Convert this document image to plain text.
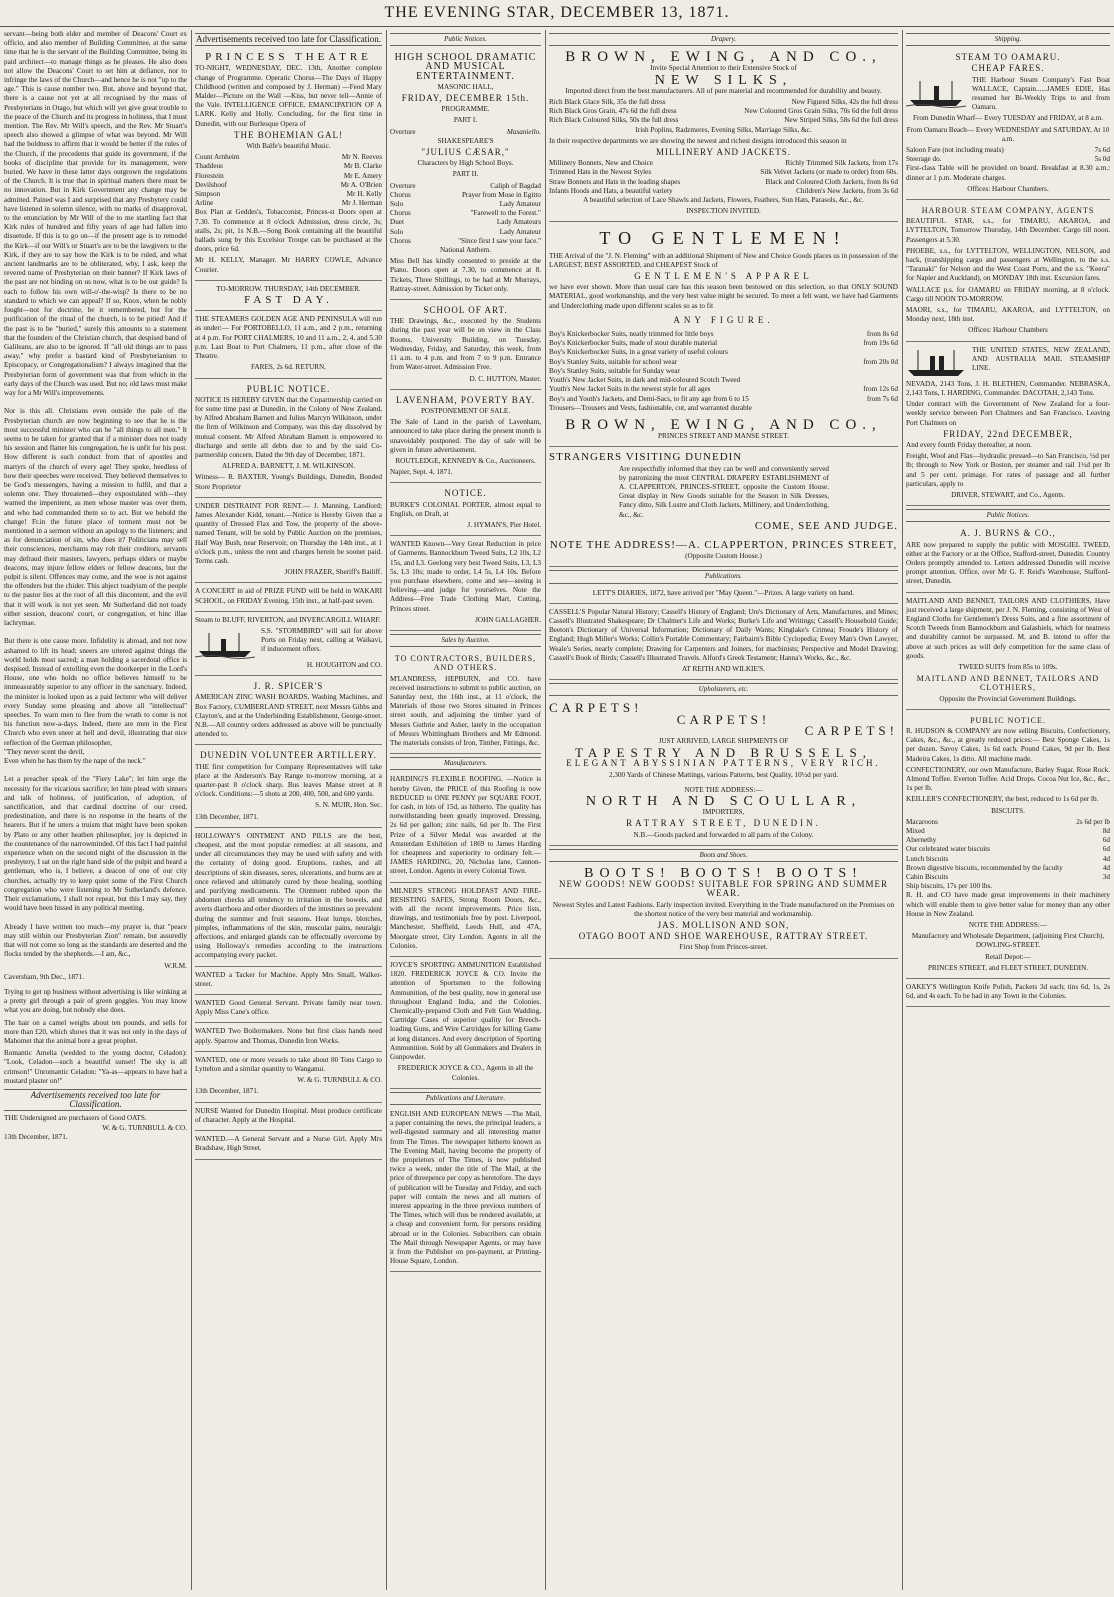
THE EVENING STAR, DECEMBER 13, 1871.

servant—being both elder and member of Deacons' Court ex officio, and also member of Building Committee, at the same time that he is the servant of the Building Committee, being its paid architect—to manage things as he pleases. He also does not allow the Deacons' Court to set him at defiance, nor to infringe the laws of the Church—and hence he is not "up to the age." This is cause number two. But, above and beyond that, there is a cause not yet at all recognised by the mass of Presbyterians in Otago, but which will yet give great trouble to the peace of the Church and its progress in holiness, that I must mention. The Rev. Mr Will's speech, and the Rev. Mr Stuart's speech also showed a glimpse of what was beyond. Mr Will had the boldness to affirm that it would be better if the rules of the Church, if the precedents that guide its government, if the books of discipline that provide for its management, were buried. We have in these latter days outgrown the regulations of the Church. It is true that in spiritual matters there must be no innovation. But in Kirk Government any change may be admitted. Pained was I and surprised that any Presbytery could have listened in solemn silence, with no marks of disapproval, to the enunciation by Mr Will of the to me startling fact that Kirk rules of hundred and fifty years of age had fallen into disuetude. If this is to go on—if the present age is to remodel the Kirk—if our Will's or Stuart's are to be the lawgivers to the Kirk, if they are to say how the Kirk is to be ruled, and what ancient landmarks are to be obliterated, why, I ask, keep the revered name of Presbyterian on their banner? If Kirk laws of the past are not binding on us now, what is to be our guide? Is each to follow his own will-o'-the-wisp? Is there to be no standard to which we can appeal? If so, Knox, when he nobly fought—not for doctrine, be it remembered, but for the purification of the ritual of the church, is to be pitied! And if the past is to be "buried," surely this amounts to a statement that the founders of the Christian church, that despised band of Galileans, are also to be ignored. If "all old things are to pass away," why prefer a bastard kind of Presbyterianism to Episcopacy, or Congregationalism? I always imagined that the Presbyterian form of government was that from which in the early days of the Church was used. But no; old laws must make way for a Mr Will's improvements.

Nor is this all. Christians even outside the pale of the Presbyterian church are now beginning to see that he is the most successful minister who can be "all things to all men." It seems to be taken for granted that if a minister does not toady his session and flatter his congregation, he is unfit for his post. How different is such conduct from that of apostles and martyrs of the church of every age! They spoke, heedless of how their speeches were received. They believed themselves to be God's messengers, having a mission to fulfil, and that a solemn one. They threatened—they expostulated with—they warned the impenitent, as men whose master was over them, and who had commanded them so to act. But we behold the change! Fr.in the future place of torment must not be mentioned in a sermon without an apology to the listeners; and as for denunciation of sin, who does it? Politicians may sell their consciences, merchants may rob their creditors, servants may defraud their masters, lawyers, perhaps elders or maybe deacons, may injure fellow elders or fellow deacons, but the pulpit is silent. Offences may come, and the woe is not against the offenders but the chider. This abject toadyism of the people to the pastor lies at the root of all this discontent, and the evil that it will work is not yet seen. Mr Sutherland did not toady either session, deacons' court, or congregation, et hinc illae lachrymae.

But there is one cause more. Infidelity is abroad, and not now ashamed to lift its head; sneers are uttered against things the world holds most sacred; a man holding a sacerdotal office is despised. Instead of extolling even the doorkeeper in the Lord's House, one who holds no office believes himself to be immeasurably superior to any officer in the sanctuary. Indeed, the minister is looked upon as a paid lecturer who will deliver every Sunday some pleasing and above all "intellectual" speeches. To warn men to flee from the wrath to come is not his function now-a-days. Indeed, there are men in the First Church who even sneer at hell and devil, illustrating that nice reflection of the German philosopher,
"They never scent the devil,
Even when he has them by the nape of the neck."

Let a preacher speak of the "Fiery Lake"; let him urge the necessity for the vicarious sacrifice; let him plead with sinners and talk of holiness, of justification, of adoption, of sanctification, and that cardinal doctrine of our creed, predestination, and there is no response in the hearts of the hearers. But if he utters a truism that might have been spoken by Plato or any other heathen philosopher, joy is depicted in the countenance of the narrowminded. Of this fact I had painful experience when on the second night of the discussion in the presbytery, I sat on the right hand side of the pulpit and heard a gentleman, who is, I believe, a deacon of one of our city churches, actually try to keep quiet some of the First Church congregation who were listening to Mr Sutherland's defence. Their exclamations, I shall not repeat, but this I may say, they would have been hissed in any political meeting.

Already I have written too much—my prayer is, that "peace may still within our Presbyterian Zion" remain, but assuredly that will not come so long as the standards are deserted and the flocks tended by the shepherds.—I am, &c.,

W.R.M.

Caversham, 9th Dec., 1871.

Trying to get up business without advertising is like winking at a pretty girl through a pair of green goggles. You may know what you are doing, but nobody else does.

The hair on a camel weighs about ten pounds, and sells for more than £20, which shows that it was not only in the days of Mahomet that the animal bore a great prophet.

Romantic Amelia (wedded to the young doctor, Celadon): "Look, Celadon—such a beautiful sunset! The sky is all crimson!" Unromantic Celadon: "Ya-as—appears to have had a mustard plaster on!"

Advertisements received too late for Classification.

THE Undersigned are purchasers of Good OATS.

W. & G. TURNBULL & CO.

13th December, 1871.

Advertisements received too late for Classification.
PRINCESS THEATRE

TO-NIGHT, WEDNESDAY, DEC. 13th, Another complete change of Programme. Operatic Chorus—The Days of Happy Childhood (written and composed by J. Herman) —Feod Mary Malder—Picture on the Wall —Kiss, but never tell—Annie of the Vale. INTELLIGENCE OFFICE. EMANCIPATION OF A LARK. Kelly and Holly. Concluding, for the first time in Dunedin, with our Burlesque Opera of

THE BOHEMIAN GAL!

With Balfe's beautiful Music.

Count Arnheim	Mr N. Reeves
Thaddeus	Mr B. Clarke
Florestein	Mr E. Amery
Devilshoof	Mr A. O'Brien
Simpson	Mr H. Kelly
Arline	Mr J. Herman

Box Plan at Geddes's, Tobacconist, Princes-st Doors open at 7.30. To commence at 8 o'clock Admission, dress circle, 3s; stalls, 2s; pit, 1s N.B.—Song Book containing all the beautiful ballads sung by this Excelsior Troupe can be purchased at the doors, price 6d.

Mr H. KELLY, Manager. Mr HARRY COWLE, Advance Courier.

TO-MORROW. THURSDAY, 14th DECEMBER.

FAST DAY.

THE STEAMERS GOLDEN AGE AND PENINSULA will run as under:— For PORTOBELLO, 11 a.m., and 2 p.m., returning at 4 p.m. For PORT CHALMERS, 10 and 11 a.m., 2, 4, and 5.30 p.m. Last Boat to Port Chalmers, 11 p.m., after close of the Theatre.

FARES, 2s 6d. RETURN.

PUBLIC NOTICE.

NOTICE IS HEREBY GIVEN that the Copartnership carried on for some time past at Dunedin, in the Colony of New Zealand, by Alfred Abraham Barnett and Julius Marcyn Wilkinson, under the firm of Wilkinson and Company, was this day dissolved by mutual consent. Mr Alfred Abraham Barnett is empowered to discharge and settle all debts due to and by the said Co-partnership concern. Dated the 9th day of December, 1871.

ALFRED A. BARNETT, J. M. WILKINSON.

Witness— R. BAXTER, Young's Buildings, Dunedin, Bonded Store Proprietor

UNDER DISTRAINT FOR RENT.— J. Manning, Landlord; James Alexander Kidd, tenant.—Notice is Hereby Given that a quantity of Dressed Flax and Tow, the property of the above-named Tenant, will be sold by Public Auction on the premises, Half Way Bush, near Reservoir, on Thursday the 14th inst., at 1 o'clock p.m., unless the rent and charges herein be sooner paid. Terms cash.

JOHN FRAZER, Sheriff's Bailiff.

A CONCERT in aid of PRIZE FUND will be held in WAKARI SCHOOL, on FRIDAY Evening, 15th inst., at half-past seven.

Steam to BLUFF, RIVERTON, and INVERCARGILL WHARF.

S.S. "STORMBIRD" will sail for above Ports on Friday next, calling at Waikavi, if inducement offers.

H. HOUGHTON and CO.

J. R. SPICER'S

AMERICAN ZINC WASH BOARDS, Washing Machines, and Box Factory, CUMBERLAND STREET, next Messrs Gibbs and Clayton's, and at the Underbinding Establishment, George-street. N.B.—All country orders addressed as above will be punctually attended to.

DUNEDIN VOLUNTEER ARTILLERY.

THE first competition for Company Representatives will take place at the Anderson's Bay Range to-morrow morning, at a quarter-past 8 o'clock sharp. Bus leaves Manse street at 8 o'clock. Conditions:—5 shots at 200, 400, 500, and 600 yards.

S. N. MUIR, Hon. Sec.

13th December, 1871.

HOLLOWAY'S OINTMENT AND PILLS are the best, cheapest, and the most popular remedies: at all seasons, and under all circumstances they may be used with safety and with the certainty of doing good. Eruptions, rashes, and all descriptions of skin diseases, sores, ulcerations, and burns are at once relieved and ultimately cured by these healing, soothing and purifying medicaments. The Ointment rubbed upon the abdomen checks all tendency to irritation in the bowels, and averts diarrhoea and other disorders of the intestines so prevalent during the summer and fruit seasons. Heat lumps, blotches, pimples, inflammations of the skin, muscular pains, neuralgic affections, and enlarged glands can be effectually overcome by using Holloway's remedies according to the instructions accompanying every packet.

WANTED a Tacker for Machine. Apply Mrs Small, Walker-street.

WANTED Good General Servant. Private family near town. Apply Miss Cane's office.

WANTED Two Boilermakers. None but first class hands need apply. Sparrow and Thomas, Dunedin Iron Works.

WANTED, one or more vessels to take about 80 Tons Cargo to Lyttelton and a similar quantity to Wanganui.

W. & G. TURNBULL & CO.

13th December, 1871.

NURSE Wanted for Dunedin Hospital. Must produce certificate of character. Apply at the Hospital.

WANTED.—A General Servant and a Nurse Girl. Apply Mrs Bradshaw, High Street.

Public Notices.
HIGH SCHOOL DRAMATIC AND MUSICAL ENTERTAINMENT.

MASONIC HALL,

FRIDAY, DECEMBER 15th.

PROGRAMME.

PART I.

Overture	Masaniello.

SHAKESPEARE'S

"JULIUS CÆSAR,"

Characters by High School Boys.

PART II.

Overture	Caliph of Bagdad
Chorus	Prayer from Mose in Egitto
Solo	Lady Amateur
Chorus	"Farewell to the Forest."
Duet	Lady Amateurs
Solo	Lady Amateur
Chorus	"Since first I saw your face."

National Anthem.

Miss Bell has kindly consented to preside at the Piano. Doors open at 7.30, to commence at 8. Tickets, Three Shillings, to be had at Mr Murrays, Rattray-street. Admission by Ticket only.

SCHOOL OF ART.

THE Drawings, &c., executed by the Students during the past year will be on view in the Class Rooms, University Building, on Tuesday, Wednesday, Friday, and Saturday, this week, from 11 a.m. to 4 p.m. and from 7 to 9 p.m. Entrance from Water-street. Admission Free.

D. C. HUTTON, Master.

LAVENHAM, POVERTY BAY.

POSTPONEMENT OF SALE.

The Sale of Land in the parish of Lavenham, announced to take place during the present month is unavoidably postponed. The day of sale will be given in future advertisement.

ROUTLEDGE, KENNEDY & Co., Auctioneers.

Napier, Sept. 4, 1871.

NOTICE.

BURKE'S COLONIAL PORTER, almost equal to English, on Draft, at

J. HYMAN'S, Pier Hotel.

WANTED Known—Very Great Reduction in price of Garments. Bannockburn Tweed Suits, L2 10s, L2 15s, and L3. Geelong very best Tweed Suits, L3, L3 5s, L3 10s; made to order, L4 5s, L4 10s. Before you purchase elsewhere, come and see—seeing is believing—and judge for yourselves. Note the Address—Free Trade Clothing Mart, Cutting, Princes street.

JOHN GALLAGHER.

Sales by Auction.
TO CONTRACTORS, BUILDERS, AND OTHERS.

M'LANDRESS, HEPBURN, and CO. have received instructions to submit to public auction, on Saturday next, the 16th inst., at 11 o'clock, the Materials of those two Stores situated in Princes street south, and adjoining the timber yard of Messrs Guthrie and Asher, lately in the occupation of Messrs Whittingham Brothers and Mr Edmond. The materials consists of Iron, Timber, Fittings, &c.

Manufacturers.

HARDING'S FLEXIBLE ROOFING. —Notice is hereby Given, the PRICE of this Roofing is now REDUCED to ONE PENNY per SQUARE FOOT, for cash, in lots of 15d, as hitherto. The quality has notwithstanding been greatly improved. Dressing, 2s 6d per gallon; zinc nails, 6d per lb. The First Prize of a Silver Medal was awarded at the Amsterdam Exhibition of 1869 to James Harding for cheapness and superiority to ordinary felt.—JAMES HARDING, 20, Nicholas lane, Cannon-street, London. Agents in every Colonial Town.

MILNER'S STRONG HOLDFAST AND FIRE-RESISTING SAFES, Strong Room Doors, &c., with all the recent improvements. Price lists, drawings, and testimonials free by post. Liverpool, Manchester, Sheffield, Leeds Hull, and 47A, Moorgate street, City London. Agents in all the Colonies.

JOYCE'S SPORTING AMMUNITION Established 1820. FREDERICK JOYCE & CO. Invite the attention of Sportsmen to the following Ammunition, of the best quality, now in general use throughout England India, and the Colonies. Chemically-prepared Cloth and Felt Gun Wadding, Cartridge Cases of superior quality for Breech-loading Guns, and Wire Cartridges for killing Game at long distances. And every description of Sporting Ammunition. Sold by all Gunmakers and Dealers in Gunpowder.

FREDERICK JOYCE & CO., Agents in all the Colonies.

Publications and Literature.

ENGLISH AND EUROPEAN NEWS —The Mail, a paper containing the news, the principal leaders, a well-digested summary and all interesting matter from The Times. The newspaper hitherto known as The Evening Mail, having become the property of the proprietors of The Times, is now published twice a week, under the title of The Mail, at the price of threepence per copy as heretofore. The days of publication will be Tuesday and Friday, and each paper will contain the news and all matters of interest appearing in the three previous numbers of The Times, which will thus be rendered available, at a cheap and convenient form, for persons residing abroad or in the Colonies. Subscribers can obtain The Mail through Newspaper Agents, or may have it from the Publisher on pre-payment, at Printing-House Square, London.

Drapery.
BROWN, EWING, AND CO.,

Invite Special Attention to their Extensive Stock of

NEW SILKS,

Imported direct from the best manufacturers. All of pure material and recommended for durability and beauty.

Rich Black Glace Silk, 35s the full dress	New Figured Silks, 42s the full dress
Rich Black Gros Grain, 47s 6d the full dress	New Coloured Gros Grain Silks, 70s 6d the full dress
Rich Black Coloured Silks, 50s the full dress	New Striped Silks, 58s 6d the full dress

Irish Poplins, Radzmeres, Evening Silks, Marriage Silks, &c.

In their respective departments we are showing the newest and richest designs introduced this season in

MILLINERY AND JACKETS.
Millinery Bonnets, New and Choice	Richly Trimmed Silk Jackets, from 17s
Trimmed Hats in the Newest Styles	Silk Velvet Jackets (or made to order) from 60s.
Straw Bonnets and Hats in the leading shapes	Black and Coloured Cloth Jackets, from 8s 6d
Infants Hoods and Hats, a beautiful variety	Children's New Jackets, from 3s 6d

A beautiful selection of Lace Shawls and Jackets, Flowers, Feathers, Sun Hats, Parasols, &c., &c.

INSPECTION INVITED.

TO GENTLEMEN!

THE Arrival of the "J. N. Fleming" with an additional Shipment of New and Choice Goods places us in possession of the LARGEST, BEST ASSORTED, and CHEAPEST Stock of

GENTLEMEN'S APPAREL

we have ever shown. More than usual care has this season been bestowed on this selection, so that ONLY SOUND MATERIAL, good workmanship, and the very best value might be secured. To meet a felt want, we have had Garments and Underclothing made upon different scales so as to fit

ANY FIGURE.
Boy's Knickerbocker Suits, neatly trimmed for little boys	from 8s 6d
Boy's Knickerbocker Suits, made of stout durable material	from 19s 6d
Boy's Knickerbocker Suits, in a great variety of useful colours
Boy's Stanley Suits, suitable for school wear	from 20s 0d
Boy's Stanley Suits, suitable for Sunday wear
Youth's New Jacket Suits, in dark and mid-coloured Scotch Tweed
Youth's New Jacket Suits in the newest style for all ages	from 12s 6d
Boy's and Youth's Jackets, and Demi-Sacs, to fit any age from 6 to 15	from 7s 6d
Trousers—Trousers and Vests, fashionable, cut, and warranted durable
BROWN, EWING, AND CO.,

PRINCES STREET AND MANSE STREET.

STRANGERS VISITING DUNEDIN

Are respectfully informed that they can be well and conveniently served by patronizing the most CENTRAL DRAPERY ESTABLISHMENT of A. CLAPPERTON, PRINCES-STREET, opposite the Custom House. Great display in New Goods suitable for the Season in Silk Dresses, Fancy ditto, Silk Lustre and Cloth Jackets, Millinery, and Underclothing, &c., &c.

COME, SEE AND JUDGE.
NOTE THE ADDRESS!—A. CLAPPERTON, PRINCES STREET,

(Opposite Custom House.)

Publications.

LETT'S DIARIES, 1872, have arrived per "May Queen."—Prizes. A large variety on hand.

CASSELL'S Popular Natural History; Cassell's History of England; Ure's Dictionary of Arts, Manufactures, and Mines; Cassell's Illustrated Shakespeare; Dr Chalmer's Life and Works; Burke's Life and Writings; Cassell's Household Guide; Beeton's Dictionary of Universal Information; Dictionary of Daily Wants; Kinglake's Crimea; Froude's History of England; Hugh Miller's Works; Collin's Portable Commentary; Fairbairn's Bible Cyclopedia; Every Man's Own Lawyer, Weale's Series, nearly complete; Drawing for Carpenters and Joiners, for machinists; Perspective and Model Drawing; Cassell's Book of Birds; Cassell's Illustrated Travels. Alford's Greek Testament; Hanna's Works, &c., &c.

AT REITH AND WILKIE'S.

Upholsterers, etc.
CARPETS!
CARPETS!
CARPETS!

JUST ARRIVED, LARGE SHIPMENTS OF

TAPESTRY AND BRUSSELS,
ELEGANT ABYSSINIAN PATTERNS, VERY RICH.

2,300 Yards of Chinese Mattings, various Patterns, best Quality, 10½d per yard.

NOTE THE ADDRESS:—

NORTH AND SCOULLAR,

IMPORTERS,

RATTRAY STREET, DUNEDIN.

N.B.—Goods packed and forwarded to all parts of the Colony.

Boots and Shoes.
BOOTS! BOOTS! BOOTS!
NEW GOODS! NEW GOODS! SUITABLE FOR SPRING AND SUMMER WEAR.

Newest Styles and Latest Fashions. Early inspection invited. Everything in the Trade manufactured on the Premises on the shortest notice of the very best material and workmanship.

JAS. MOLLISON AND SON,
OTAGO BOOT AND SHOE WAREHOUSE, RATTRAY STREET.

First Shop from Princes-street.

Shipping.
STEAM TO OAMARU.
CHEAP FARES.

THE Harbour Steam Company's Fast Boat WALLACE, Captain......JAMES EDIE, Has resumed her Bi-Weekly Trips to and from Oamaru.

From Dunedin Wharf— Every TUESDAY and FRIDAY, at 8 a.m.

From Oamaru Beach— Every WEDNESDAY and SATURDAY, At 10 a.m.

Saloon Fare (not including meals)	7s 6d
Steerage do.	5s 0d

First-class Table will be provided on board. Breakfast at 8.30 a.m.: dinner at 1 p.m. Moderate charges.

Offices: Harbour Chambers.

HARBOUR STEAM COMPANY, AGENTS

BEAUTIFUL STAR, s.s., for TIMARU, AKAROA, and LYTTELTON, Tomorrow Thursday, 14th December. Cargo till noon. Passengers at 5.30.

PHOEBE, s.s., for LYTTELTON, WELLINGTON, NELSON, and back, (transhipping cargo and passengers at Wellington, to the s.s. "Taranaki" for Nelson and the West Coast Ports, and the s.s. "Keera" for Napier and Auckland), on MONDAY 18th inst. Excursion fares.

WALLACE p.s. for OAMARU on FRIDAY morning, at 8 o'clock. Cargo till NOON TO-MORROW.

MAORI, s.s., for TIMARU, AKAROA, and LYTTELTON, on Monday next, 18th inst.

Offices: Harbour Chambers

THE UNITED STATES, NEW ZEALAND, AND AUSTRALIA MAIL STEAMSHIP LINE.

NEVADA, 2143 Tons, J. H. BLETHEN, Commander. NEBRASKA, 2,143 Tons, I. HARDING, Commander. DACOTAH, 2,143 Tons.

Under contract with the Government of New Zealand for a four-weekly service between Port Chalmers and San Francisco. Leaving Port Chalmers on

FRIDAY, 22nd DECEMBER,

And every fourth Friday thereafter, at noon.

Freight, Wool and Flax—hydraulic pressed—to San Francisco, ½d per lb; through to New York or Boston, per steamer and rail 1½d per lb and 5 per cent. primage. For rates of passage and all further particulars, apply to

DRIVER, STEWART, and Co., Agents.

Public Notices.
A. J. BURNS & CO.,

ARE now prepared to supply the public with MOSGIEL TWEED, either at the Factory or at the Office, Stafford-street, Dunedin. Country Orders promptly attended to. Letters addressed Dunedin will receive prompt attention. Office, over Mr G. F. Reid's Warehouse, Stafford-street, Dunedin.

MAITLAND AND BENNET, TAILORS AND CLOTHIERS, Have just received a large shipment, per J. N. Fleming, consisting of West of England Cloths for Gentlemen's Dress Suits, and a fine assortment of Scotch Tweeds from Bannockburn and Galashiels, which for neatness and durability cannot be surpassed. M. and B. intend to offer the above at such prices as will defy competition for the same class of goods.

TWEED SUITS from 85s to 109s.

MAITLAND AND BENNET, TAILORS AND CLOTHIERS,

Opposite the Provincial Government Buildings.

PUBLIC NOTICE.

R. HUDSON & COMPANY are now selling Biscuits, Confectionery, Cakes, &c., &c., at greatly reduced prices:— Best Sponge Cakes, 1s per dozen. Savoy Cakes, 1s 6d each. Pound Cakes, 9d per lb. Best Madeira Cakes, 1s ditto. All machine made.

CONFECTIONERY, our own Manufacture, Barley Sugar. Rose Rock. Almond Toffee. Everton Toffee. Acid Drops. Cocoa Nut Ice, &c., &c., 1s per lb.

KEILLER'S CONFECTIONERY, the best, reduced to 1s 6d per lb.

BISCUITS.

Macaroons	2s 6d per lb
Mixed	8d
Abernethy	6d
Our celebrated water biscuits	6d
Lunch biscuits	4d
Brown digestive biscuits, recommended by the faculty	4d
Cabin Biscuits	3d
Ship biscuits, 17s per 100 lbs.

R. H. and CO have made great improvements in their machinery which will enable them to give better value for money than any other House in New Zealand.

NOTE THE ADDRESS:—

Manufactory and Wholesale Department, (adjoining First Church), DOWLING-STREET.

Retail Depot:—

PRINCES STREET, and FLEET STREET, DUNEDIN.

OAKEY'S Wellington Knife Polish, Packets 3d each; tins 6d, 1s, 2s 6d, and 4s each. To be had in any Town in the Colonies.
